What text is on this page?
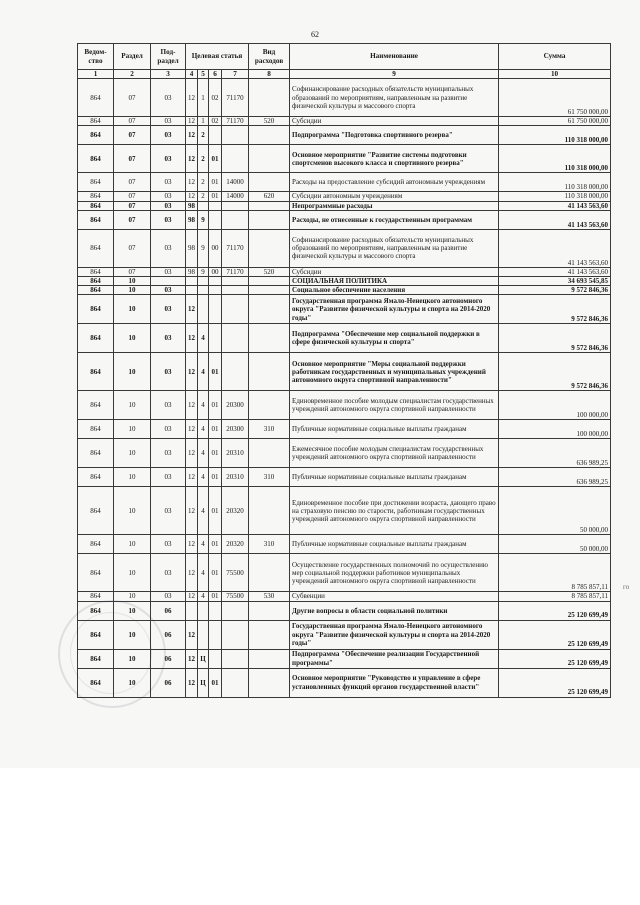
62
го
Ведом-ство	Раздел	Под-раздел	Целевая статья				Вид расходов	Наименование	Сумма
1	2	3	4	5	6	7	8	9	10
864	07	03	12	1	02	71170		Софинансирование расходных обязательств муниципальных образований по мероприятиям, направленным на развитие физической культуры и массового спорта	61 750 000,00
864	07	03	12	1	02	71170	520	Субсидии	61 750 000,00
864	07	03	12	2				Подпрограмма "Подготовка спортивного резерва"	110 318 000,00
864	07	03	12	2	01			Основное мероприятие "Развитие системы подготовки спортсменов высокого класса и спортивного резерва"	110 318 000,00
864	07	03	12	2	01	14000		Расходы на предоставление субсидий автономным учреждениям	110 318 000,00
864	07	03	12	2	01	14000	620	Субсидии автономным учреждениям	110 318 000,00
864	07	03	98					Непрограммные расходы	41 143 563,60
864	07	03	98	9				Расходы, не отнесенные к государственным программам	41 143 563,60
864	07	03	98	9	00	71170		Софинансирование расходных обязательств муниципальных образований по мероприятиям, направленным на развитие физической культуры и массового спорта	41 143 563,60
864	07	03	98	9	00	71170	520	Субсидии	41 143 563,60
864	10							СОЦИАЛЬНАЯ ПОЛИТИКА	34 693 545,85
864	10	03						Социальное обеспечение населения	9 572 846,36
864	10	03	12					Государственная программа Ямало-Ненецкого автономного округа "Развитие физической культуры и спорта на 2014-2020 годы"	9 572 846,36
864	10	03	12	4				Подпрограмма "Обеспечение мер социальной поддержки в сфере физической культуры и спорта"	9 572 846,36
864	10	03	12	4	01			Основное мероприятие "Меры социальной поддержки работникам государственных и муниципальных учреждений автономного округа спортивной направленности"	9 572 846,36
864	10	03	12	4	01	20300		Единовременное пособие молодым специалистам государственных учреждений автономного округа спортивной направленности	100 000,00
864	10	03	12	4	01	20300	310	Публичные нормативные социальные выплаты гражданам	100 000,00
864	10	03	12	4	01	20310		Ежемесячное пособие молодым специалистам государственных учреждений автономного округа спортивной направленности	636 989,25
864	10	03	12	4	01	20310	310	Публичные нормативные социальные выплаты гражданам	636 989,25
864	10	03	12	4	01	20320		Единовременное пособие при достижении возраста, дающего право на страховую пенсию по старости, работникам государственных учреждений автономного округа спортивной направленности	50 000,00
864	10	03	12	4	01	20320	310	Публичные нормативные социальные выплаты гражданам	50 000,00
864	10	03	12	4	01	75500		Осуществление государственных полномочий по осуществлению мер социальной поддержки работников муниципальных учреждений автономного округа спортивной направленности	8 785 857,11
864	10	03	12	4	01	75500	530	Субвенции	8 785 857,11
864	10	06						Другие вопросы в области социальной политики	25 120 699,49
864	10	06	12					Государственная программа Ямало-Ненецкого автономного округа "Развитие физической культуры и спорта на 2014-2020 годы"	25 120 699,49
864	10	06	12	Ц				Подпрограмма "Обеспечение реализации Государственной программы"	25 120 699,49
864	10	06	12	Ц	01			Основное мероприятие "Руководство и управление в сфере установленных функций органов государственной власти"	25 120 699,49
